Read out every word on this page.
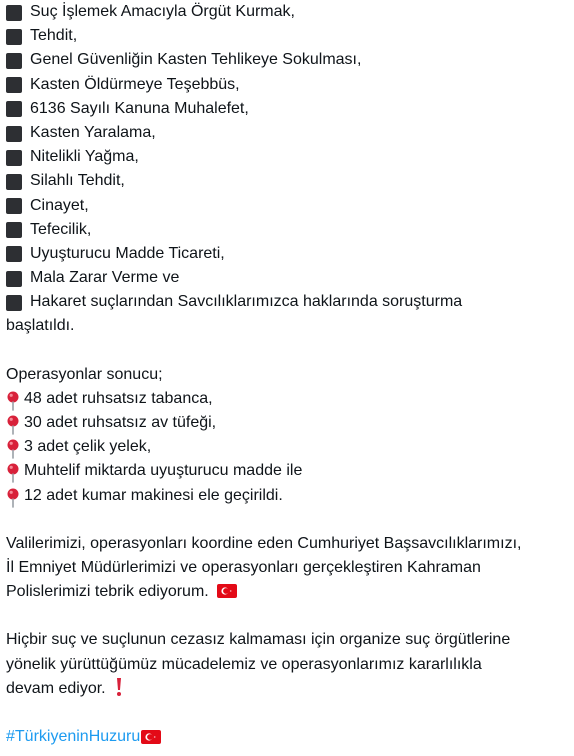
Suç İşlemek Amacıyla Örgüt Kurmak,
Tehdit,
Genel Güvenliğin Kasten Tehlikeye Sokulması,
Kasten Öldürmeye Teşebbüs,
6136 Sayılı Kanuna Muhalefet,
Kasten Yaralama,
Nitelikli Yağma,
Silahlı Tehdit,
Cinayet,
Tefecilik,
Uyuşturucu Madde Ticareti,
Mala Zarar Verme ve
Hakaret suçlarından Savcılıklarımızca haklarında soruşturma
başlatıldı.
Operasyonlar sonucu;
48 adet ruhsatsız tabanca,
30 adet ruhsatsız av tüfeği,
3 adet çelik yelek,
Muhtelif miktarda uyuşturucu madde ile
12 adet kumar makinesi ele geçirildi.
Valilerimizi, operasyonları koordine eden Cumhuriyet Başsavcılıklarımızı,
İl Emniyet Müdürlerimizi ve operasyonları gerçekleştiren Kahraman
Polislerimizi tebrik ediyorum.
Hiçbir suç ve suçlunun cezasız kalmaması için organize suç örgütlerine
yönelik yürüttüğümüz mücadelemiz ve operasyonlarımız kararlılıkla
devam ediyor.
#TürkiyeninHuzuru
